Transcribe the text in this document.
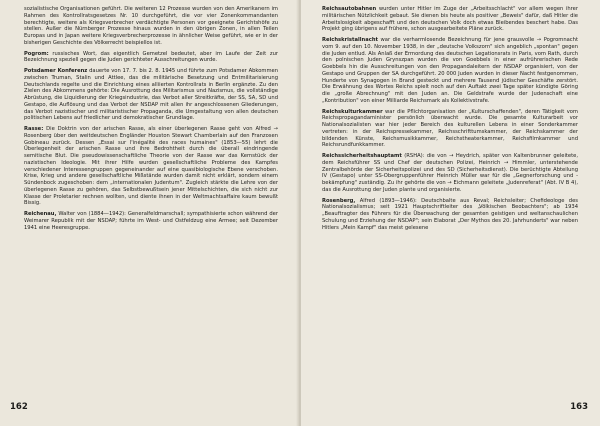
sozialistische Organisationen geführt. Die weiteren 12 Prozesse wurden von den Amerikanern im Rahmen des Kontrollratsgesetzes Nr. 10 durchgeführt, die vor vier Zonenkommandanten berechtigte, weitere als Kriegsverbrecher verdächtigte Personen vor geeignete Gerichtshöfe zu stellen. Außer die Nürnberger Prozesse hinaus wurden in den übrigen Zonen, in allen Teilen Europas und in Japan weitere Kriegsverbrecherprozesse in ähnlicher Weise geführt, wie er in der bisherigen Geschichte des Völkerrecht beispiellos ist.

Pogrom: russisches Wort, das eigentlich Gemetzel bedeutet, aber im Laufe der Zeit zur Bezeichnung speziell gegen die Juden gerichteter Ausschreitungen wurde.

Potsdamer Konferenz dauerte von 17. 7. bis 2. 8. 1945 und führte zum Potsdamer Abkommen zwischen Truman, Stalin und Attlee, das die militärische Besetzung und Entmilitarisierung Deutschlands regelte und die Einrichtung eines alliierten Kontrollrats in Berlin ergänzte. Zu den Zielen des Abkommens gehörte: Die Ausrottung des Militarismus und Nazismus, die vollständige Abrüstung, die Liquidierung der Kriegsindustrie, das Verbot aller Streitkräfte, der SS, SA, SD und Gestapo, die Auflösung und das Verbot der NSDAP mit allen ihr angeschlossenen Gliederungen, das Verbot nazistischer und militaristischer Propaganda, die Umgestaltung von allen deutschen politischen Lebens auf friedlicher und demokratischer Grundlage.

Rasse: Die Doktrin von der arischen Rasse, als einer überlegenen Rasse geht von Alfred → Rosenberg über den weitdeutschen Engländer Houston Stewart Chamberlain auf den Franzosen Gobineau zurück. Dessen „Essai sur l'inégalité des races humaines" (1853—55) lehrt die Überlegenheit der arischen Rasse und ihre Bedrohtheit durch die überall eindringende semitische Blut. Die pseudowissenschaftliche Theorie von der Rasse war das Kernstück der nazistischen Ideologie. Mit ihrer Hilfe wurden gesellschaftliche Probleme des Kampfes verschiedener Interessengruppen gegeneinander auf eine quasibiologische Ebene verschoben. Krise, Krieg und andere gesellschaftliche Mißstände wurden damit nicht erklärt, sondern einem Sündenbock zugeschoben: dem „internationalen Judentum". Zugleich stärkte die Lehre von der überlegenen Rasse zu gehören, das Selbstbewußtsein jener Mittelschichten, die sich nicht zur Klasse der Proletarier rechnen wollten, und diente ihnen in der Weltmachtsaffaire kaum bewußt Bissig.

Reichenau, Walter von (1884—1942): Generalfeldmarschall; sympathisierte schon während der Weimarer Republik mit der NSDAP; führte im West- und Ostfeldzug eine Armee; seit Dezember 1941 eine Heeresgruppe.

162

Reichsautobahnen wurden unter Hitler im Zuge der „Arbeitsschlacht" vor allem wegen ihrer militärischen Nützlichkeit gebaut. Sie dienen bis heute als positiver „Beweis" dafür, daß Hitler die Arbeitslosigkeit abgeschafft und den deutschen Volk doch etwas Bleibendes beschert habe. Das Projekt ging übrigens auf frühere, schon ausgearbeitete Pläne zurück.

Reichskristallnacht war die verharmlosende Bezeichnung für jene grausvolle → Pogromnacht vom 9. auf den 10. November 1938, in der „deutsche Volkszorn" sich angeblich „spontan" gegen die Juden entlud. Als Anlaß der Ermordung des deutschen Legationsrats in Paris, vom Rath, durch den polnischen Juden Grynszpan wurden die von Goebbels in einer aufrührerischen Rede Goebbels hin die Ausschreitungen von den Propagandaleitern der NSDAP organisiert, von der Gestapo und Gruppen der SA durchgeführt. 20 000 Juden wurden in dieser Nacht festgenommen, Hunderte von Synagogen in Brand gesteckt und mehrere Tausend jüdischer Geschäfte zerstört. Die Erwähnung des Wortes Reichs spielt noch auf den Auftakt zwei Tage später kündigte Göring die „große Abrechnung" mit den Juden an. Die Geldstrafe wurde der Judenschaft eine „Kontribution" von einer Milliarde Reichsmark als Kollektivstrafe.

Reichskulturkammer war die Pflichtorganisation der „Kulturschaffenden", deren Tätigkeit vom Reichspropagandaminister persönlich überwacht wurde. Die gesamte Kulturarbeit vor Nationalsozialisten war hier jeder Bereich des kulturellen Lebens in einer Sonderkammer vertreten: in der Reichspressekammer, Reichsschrifttumskammer, der Reichskammer der bildenden Künste, Reichsmusikkammer, Reichstheaterkammer, Reichsfilmkammer und Reichsrundfunkkammer.

Reichssicherheitshauptamt (RSHA): die von → Heydrich, später von Kaltenbrunner geleitete, dem Reichsführer SS und Chef der deutschen Polizei, Heinrich → Himmler, unterstehende Zentralbehörde der Sicherheitspolizei und des SD (Sicherheitsdienst). Die berüchtigte Abteilung IV (Gestapo) unter SS-Obergruppenführer Heinrich Müller war für die „Gegnerforschung und -bekämpfung" zuständig. Zu ihr gehörte die von → Eichmann geleitete „Judenreferat" (Abt. IV B 4), das die Ausrottung der Juden plante und organisierte.

Rosenberg, Alfred (1893—1946): Deutschbalte aus Reval; Reichsleiter; Chefideologe des Nationalsozialismus; seit 1921 Hauptschriftleiter des „Völkischen Beobachters"; ab 1934 „Beauftragter des Führers für die Überwachung der gesamten geistigen und weltanschaulichen Schulung und Erziehung der NSDAP"; sein Elaborat „Der Mythos des 20. Jahrhunderts" war neben Hitlers „Mein Kampf" das meist gelesene

163
